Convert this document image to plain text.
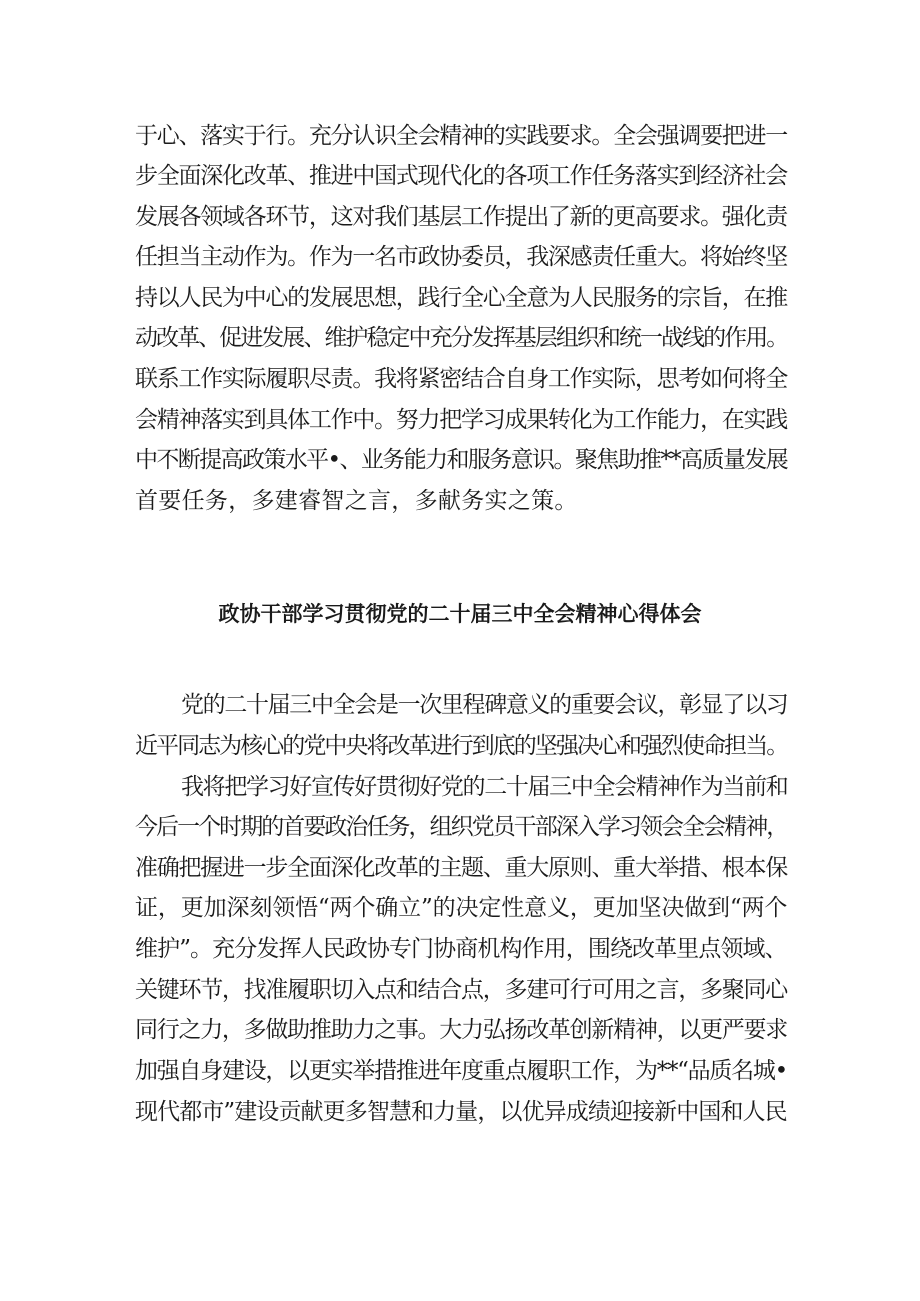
于心、落实于行。充分认识全会精神的实践要求。全会强调要把进一
步全面深化改革、推进中国式现代化的各项工作任务落实到经济社会
发展各领域各环节，这对我们基层工作提出了新的更高要求。强化责
任担当主动作为。作为一名市政协委员，我深感责任重大。将始终坚
持以人民为中心的发展思想，践行全心全意为人民服务的宗旨，在推
动改革、促进发展、维护稳定中充分发挥基层组织和统一战线的作用。
联系工作实际履职尽责。我将紧密结合自身工作实际，思考如何将全
会精神落实到具体工作中。努力把学习成果转化为工作能力，在实践
中不断提高政策水平•、业务能力和服务意识。聚焦助推**高质量发展
首要任务，多建睿智之言，多献务实之策。
政协干部学习贯彻党的二十届三中全会精神心得体会
党的二十届三中全会是一次里程碑意义的重要会议，彰显了以习
近平同志为核心的党中央将改革进行到底的坚强决心和强烈使命担当。
我将把学习好宣传好贯彻好党的二十届三中全会精神作为当前和
今后一个时期的首要政治任务，组织党员干部深入学习领会全会精神，
准确把握进一步全面深化改革的主题、重大原则、重大举措、根本保
证，更加深刻领悟“两个确立”的决定性意义，更加坚决做到“两个
维护”。充分发挥人民政协专门协商机构作用，围绕改革里点领域、
关键环节，找准履职切入点和结合点，多建可行可用之言，多聚同心
同行之力，多做助推助力之事。大力弘扬改革创新精神，以更严要求
加强自身建设，以更实举措推进年度重点履职工作，为**“品质名城•
现代都市”建设贡献更多智慧和力量，以优异成绩迎接新中国和人民
